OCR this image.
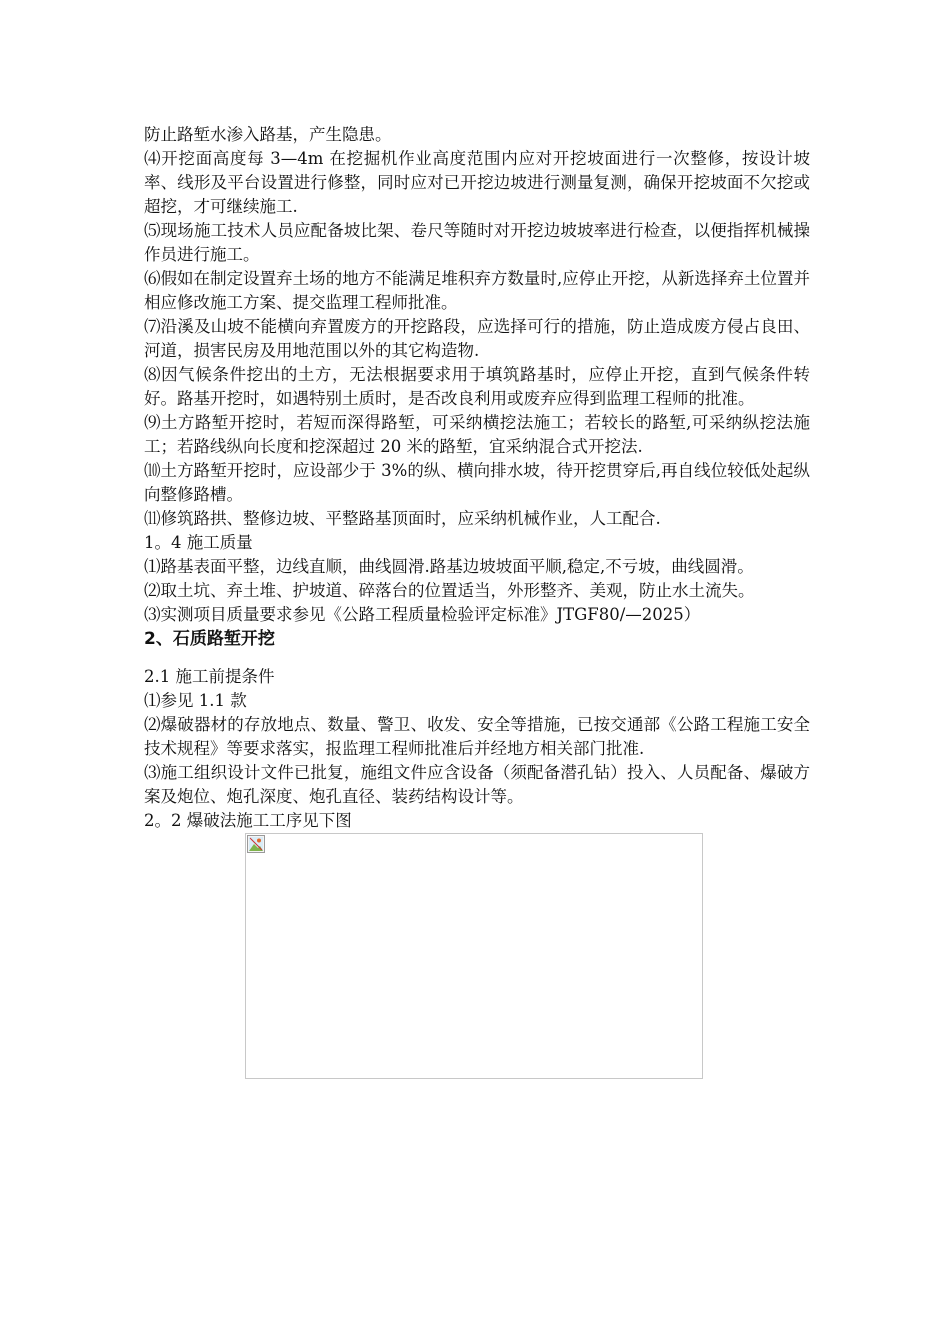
防止路堑水渗入路基，产生隐患。

⑷开挖面高度每 3—4m 在挖掘机作业高度范围内应对开挖坡面进行一次整修，按设计坡率、线形及平台设置进行修整，同时应对已开挖边坡进行测量复测，确保开挖坡面不欠挖或超挖，才可继续施工.

⑸现场施工技术人员应配备坡比架、卷尺等随时对开挖边坡坡率进行检查，以便指挥机械操作员进行施工。

⑹假如在制定设置弃土场的地方不能满足堆积弃方数量时,应停止开挖，从新选择弃土位置并相应修改施工方案、提交监理工程师批准。

⑺沿溪及山坡不能横向弃置废方的开挖路段，应选择可行的措施，防止造成废方侵占良田、河道，损害民房及用地范围以外的其它构造物.

⑻因气候条件挖出的土方，无法根据要求用于填筑路基时，应停止开挖，直到气候条件转好。路基开挖时，如遇特别土质时，是否改良利用或废弃应得到监理工程师的批准。

⑼土方路堑开挖时，若短而深得路堑，可采纳横挖法施工；若较长的路堑,可采纳纵挖法施工；若路线纵向长度和挖深超过 20 米的路堑，宜采纳混合式开挖法.

⑽土方路堑开挖时，应设部少于 3%的纵、横向排水坡，待开挖贯穿后,再自线位较低处起纵向整修路槽。

⑾修筑路拱、整修边坡、平整路基顶面时，应采纳机械作业，人工配合.

1。4 施工质量

⑴路基表面平整，边线直顺，曲线圆滑.路基边坡坡面平顺,稳定,不亏坡，曲线圆滑。

⑵取土坑、弃土堆、护坡道、碎落台的位置适当，外形整齐、美观，防止水土流失。

⑶实测项目质量要求参见《公路工程质量检验评定标准》JTGF80/—2025）

2、石质路堑开挖

2.1 施工前提条件

⑴参见 1.1 款

⑵爆破器材的存放地点、数量、警卫、收发、安全等措施，已按交通部《公路工程施工安全技术规程》等要求落实，报监理工程师批准后并经地方相关部门批准.

⑶施工组织设计文件已批复，施组文件应含设备（须配备潜孔钻）投入、人员配备、爆破方案及炮位、炮孔深度、炮孔直径、装药结构设计等。

2。2 爆破法施工工序见下图
